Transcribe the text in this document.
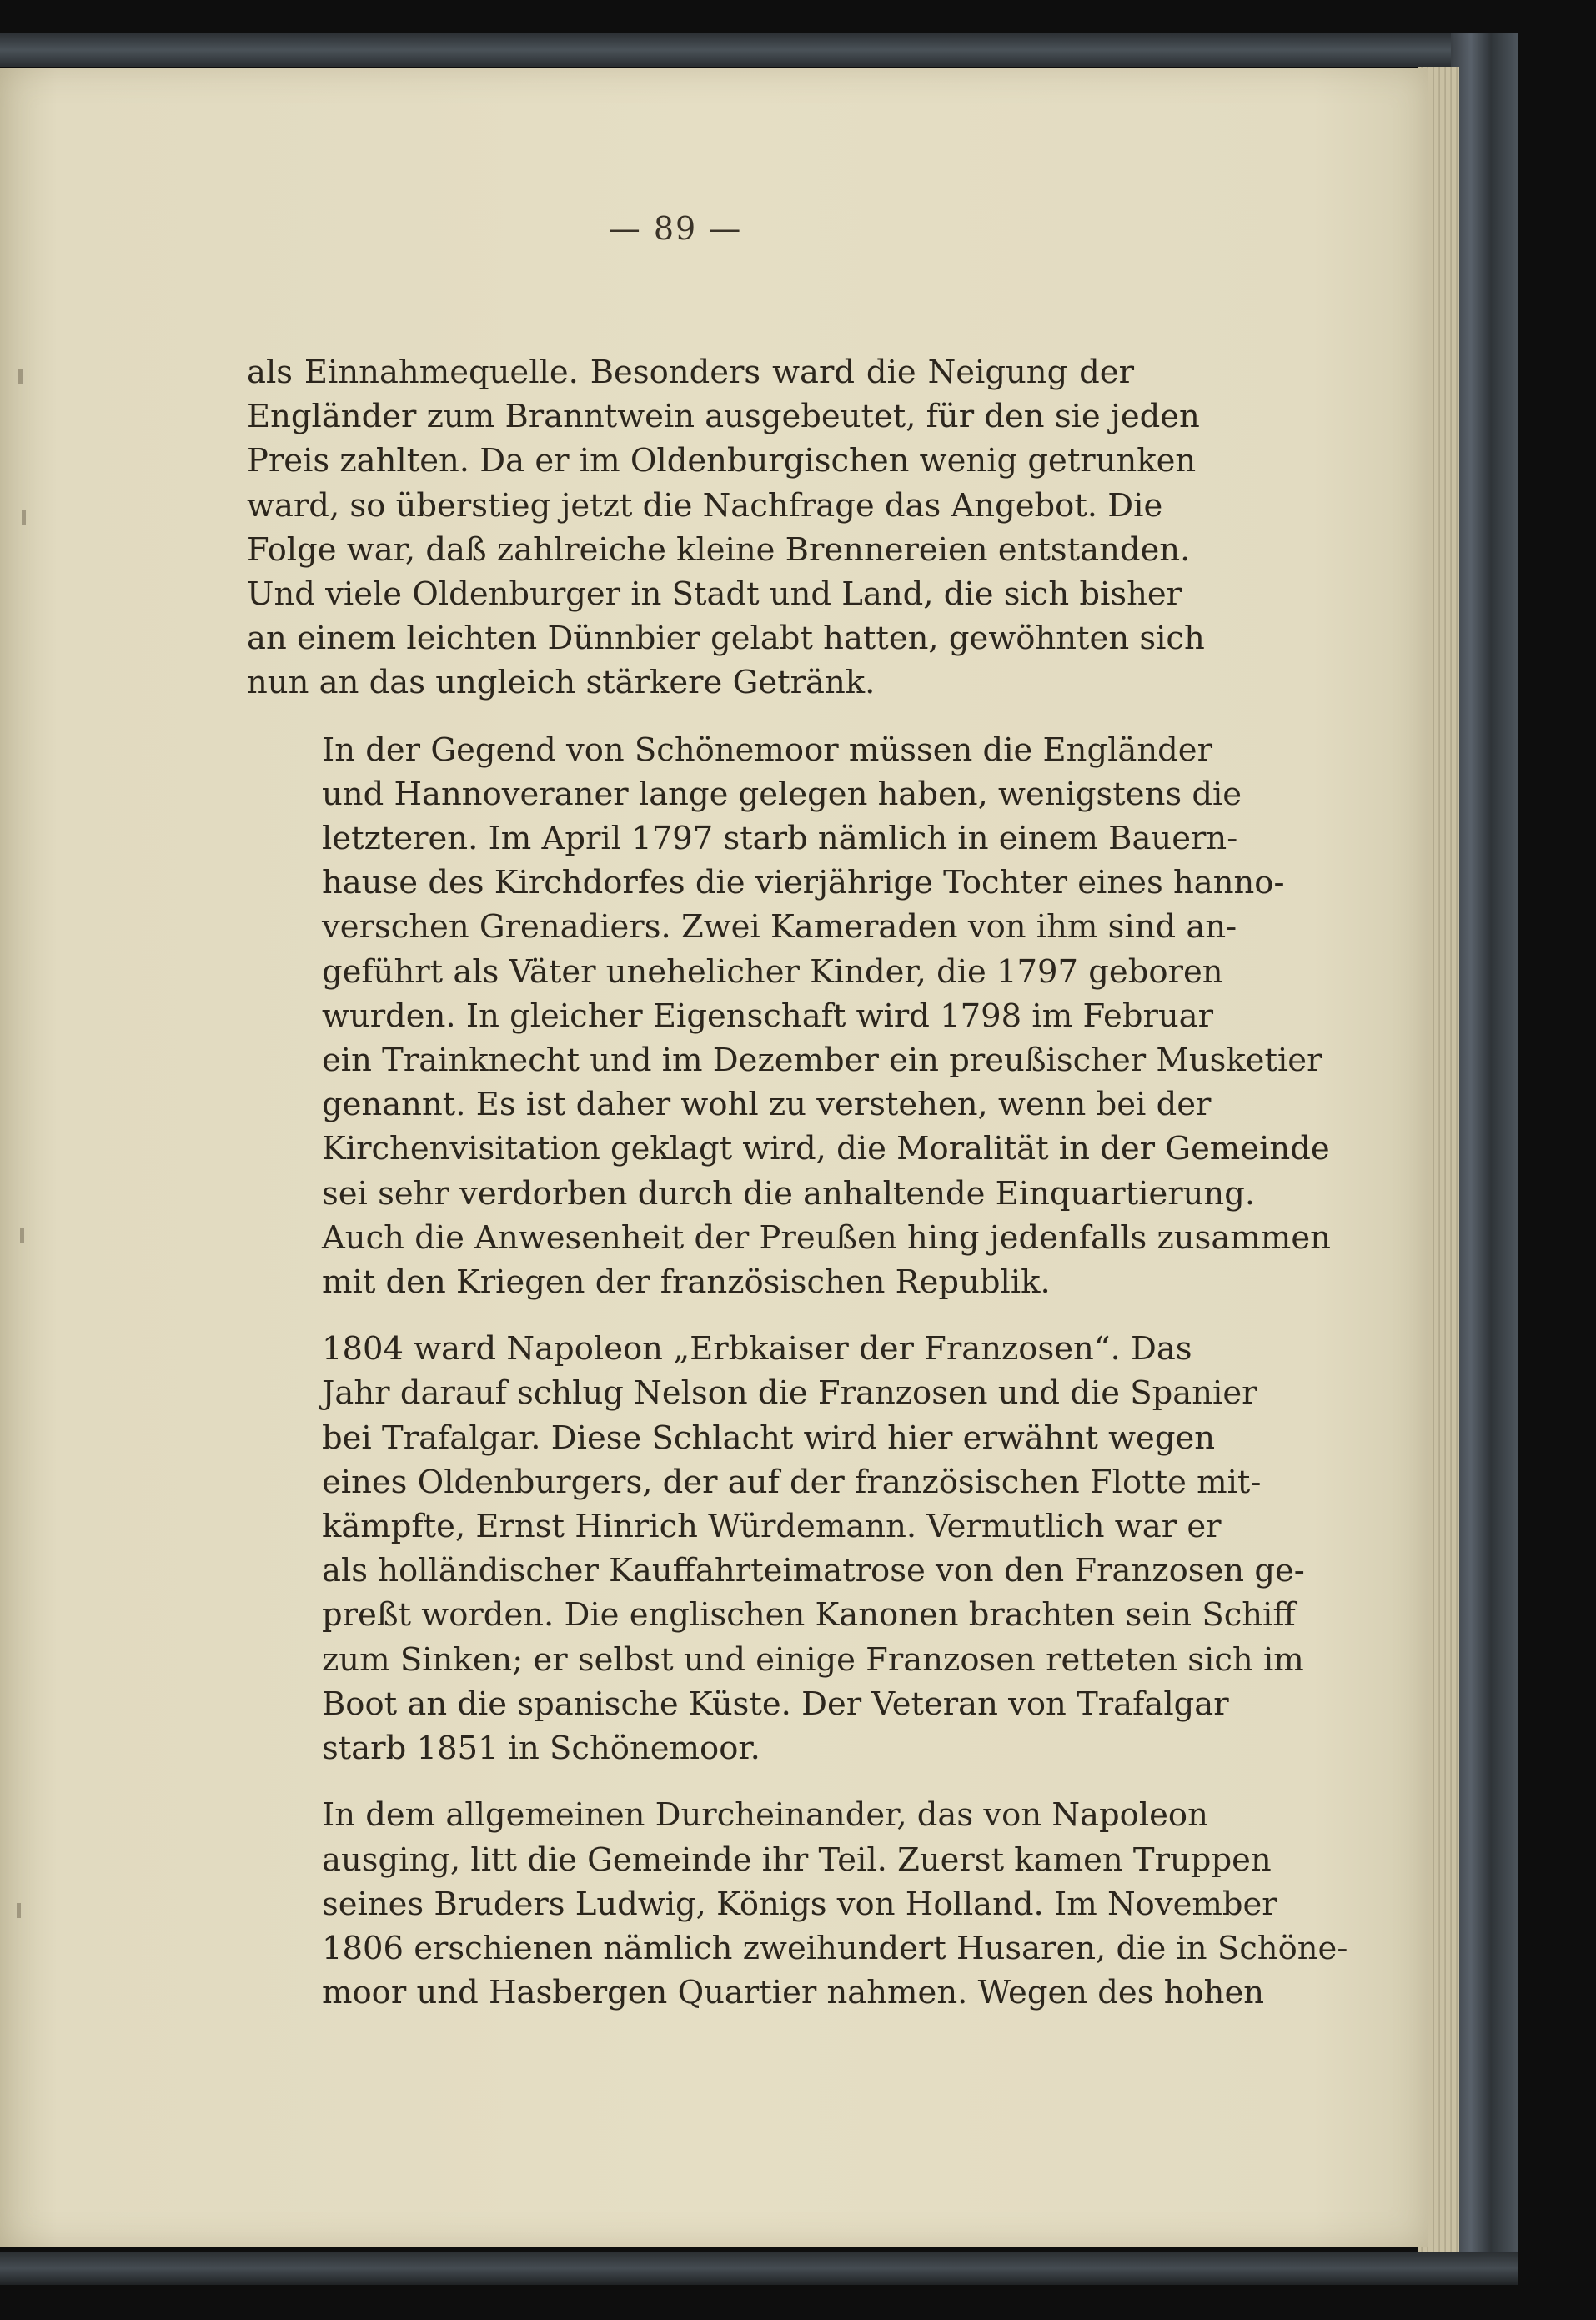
— 89 —
als Einnahmequelle. Besonders ward die Neigung der
Engländer zum Branntwein ausgebeutet, für den sie jeden
Preis zahlten. Da er im Oldenburgischen wenig getrunken
ward, so überstieg jetzt die Nachfrage das Angebot. Die
Folge war, daß zahlreiche kleine Brennereien entstanden.
Und viele Oldenburger in Stadt und Land, die sich bisher
an einem leichten Dünnbier gelabt hatten, gewöhnten sich
nun an das ungleich stärkere Getränk.
In der Gegend von Schönemoor müssen die Engländer
und Hannoveraner lange gelegen haben, wenigstens die
letzteren. Im April 1797 starb nämlich in einem Bauern-
hause des Kirchdorfes die vierjährige Tochter eines hanno-
verschen Grenadiers. Zwei Kameraden von ihm sind an-
geführt als Väter unehelicher Kinder, die 1797 geboren
wurden. In gleicher Eigenschaft wird 1798 im Februar
ein Trainknecht und im Dezember ein preußischer Musketier
genannt. Es ist daher wohl zu verstehen, wenn bei der
Kirchenvisitation geklagt wird, die Moralität in der Gemeinde
sei sehr verdorben durch die anhaltende Einquartierung.
Auch die Anwesenheit der Preußen hing jedenfalls zusammen
mit den Kriegen der französischen Republik.
1804 ward Napoleon „Erbkaiser der Franzosen“. Das
Jahr darauf schlug Nelson die Franzosen und die Spanier
bei Trafalgar. Diese Schlacht wird hier erwähnt wegen
eines Oldenburgers, der auf der französischen Flotte mit-
kämpfte, Ernst Hinrich Würdemann. Vermutlich war er
als holländischer Kauffahrteimatrose von den Franzosen ge-
preßt worden. Die englischen Kanonen brachten sein Schiff
zum Sinken; er selbst und einige Franzosen retteten sich im
Boot an die spanische Küste. Der Veteran von Trafalgar
starb 1851 in Schönemoor.
In dem allgemeinen Durcheinander, das von Napoleon
ausging, litt die Gemeinde ihr Teil. Zuerst kamen Truppen
seines Bruders Ludwig, Königs von Holland. Im November
1806 erschienen nämlich zweihundert Husaren, die in Schöne-
moor und Hasbergen Quartier nahmen. Wegen des hohen
